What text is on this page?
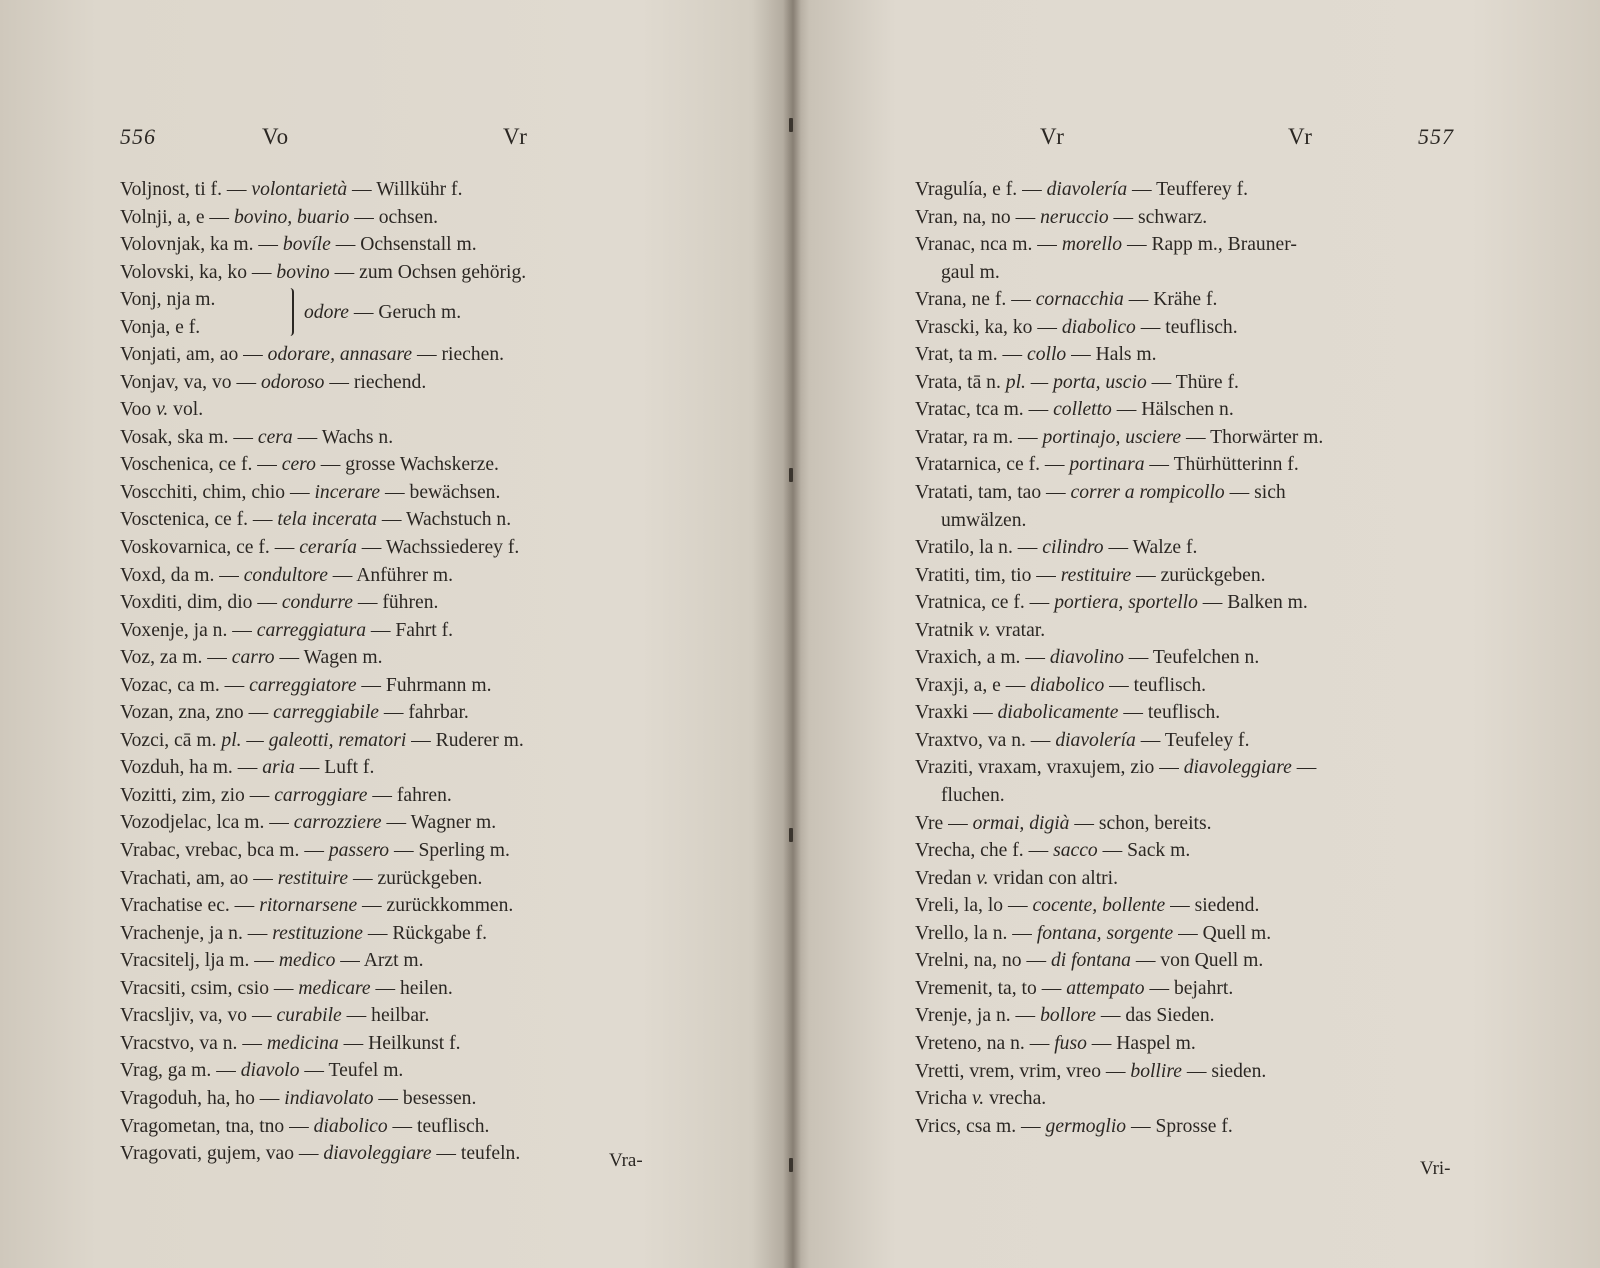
556	Vo	Vr
Voljnost, ti f. — volontarietà — Willkühr f.
Volnji, a, e — bovino, buario — ochsen.
Volovnjak, ka m. — bovíle — Ochsenstall m.
Volovski, ka, ko — bovino — zum Ochsen gehörig.
Vonj, nja m.
Vonja, e f.
odore — Geruch m.
Vonjati, am, ao — odorare, annasare — riechen.
Vonjav, va, vo — odoroso — riechend.
Voo v. vol.
Vosak, ska m. — cera — Wachs n.
Voschenica, ce f. — cero — grosse Wachskerze.
Voscchiti, chim, chio — incerare — bewächsen.
Vosctenica, ce f. — tela incerata — Wachstuch n.
Voskovarnica, ce f. — ceraría — Wachssiederey f.
Voxd, da m. — condultore — Anführer m.
Voxditi, dim, dio — condurre — führen.
Voxenje, ja n. — carreggiatura — Fahrt f.
Voz, za m. — carro — Wagen m.
Vozac, ca m. — carreggiatore — Fuhrmann m.
Vozan, zna, zno — carreggiabile — fahrbar.
Vozci, cā m. pl. — galeotti, rematori — Ruderer m.
Vozduh, ha m. — aria — Luft f.
Vozitti, zim, zio — carroggiare — fahren.
Vozodjelac, lca m. — carrozziere — Wagner m.
Vrabac, vrebac, bca m. — passero — Sperling m.
Vrachati, am, ao — restituire — zurückgeben.
Vrachatise ec. — ritornarsene — zurückkommen.
Vrachenje, ja n. — restituzione — Rückgabe f.
Vracsitelj, lja m. — medico — Arzt m.
Vracsiti, csim, csio — medicare — heilen.
Vracsljiv, va, vo — curabile — heilbar.
Vracstvo, va n. — medicina — Heilkunst f.
Vrag, ga m. — diavolo — Teufel m.
Vragoduh, ha, ho — indiavolato — besessen.
Vragometan, tna, tno — diabolico — teuflisch.
Vragovati, gujem, vao — diavoleggiare — teufeln.	Vra-
Vr	Vr	557
Vragulía, e f. — diavolería — Teufferey f.
Vran, na, no — neruccio — schwarz.
Vranac, nca m. — morello — Rapp m., Brauner-
gaul m.
Vrana, ne f. — cornacchia — Krähe f.
Vrascki, ka, ko — diabolico — teuflisch.
Vrat, ta m. — collo — Hals m.
Vrata, tā n. pl. — porta, uscio — Thüre f.
Vratac, tca m. — colletto — Hälschen n.
Vratar, ra m. — portinajo, usciere — Thorwärter m.
Vratarnica, ce f. — portinara — Thürhütterinn f.
Vratati, tam, tao — correr a rompicollo — sich
umwälzen.
Vratilo, la n. — cilindro — Walze f.
Vratiti, tim, tio — restituire — zurückgeben.
Vratnica, ce f. — portiera, sportello — Balken m.
Vratnik v. vratar.
Vraxich, a m. — diavolino — Teufelchen n.
Vraxji, a, e — diabolico — teuflisch.
Vraxki — diabolicamente — teuflisch.
Vraxtvo, va n. — diavolería — Teufeley f.
Vraziti, vraxam, vraxujem, zio — diavoleggiare —
fluchen.
Vre — ormai, digià — schon, bereits.
Vrecha, che f. — sacco — Sack m.
Vredan v. vridan con altri.
Vreli, la, lo — cocente, bollente — siedend.
Vrello, la n. — fontana, sorgente — Quell m.
Vrelni, na, no — di fontana — von Quell m.
Vremenit, ta, to — attempato — bejahrt.
Vrenje, ja n. — bollore — das Sieden.
Vreteno, na n. — fuso — Haspel m.
Vretti, vrem, vrim, vreo — bollire — sieden.
Vricha v. vrecha.
Vrics, csa m. — germoglio — Sprosse f.
Vri-
